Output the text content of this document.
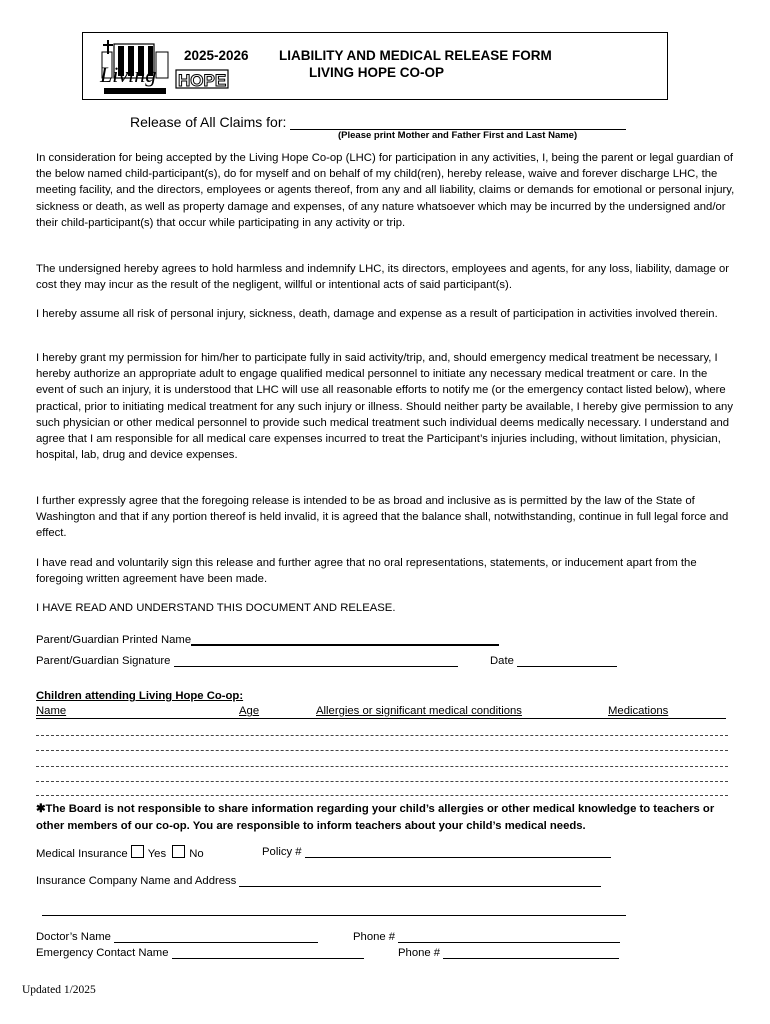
Living HOPE
2025-2026 LIABILITY AND MEDICAL RELEASE FORM
LIVING HOPE CO-OP
Release of All Claims for:
(Please print Mother and Father First and Last Name)

In consideration for being accepted by the Living Hope Co-op (LHC) for participation in any activities, I, being the parent or legal guardian of the below named child-participant(s), do for myself and on behalf of my child(ren), hereby release, waive and forever discharge LHC, the meeting facility, and the directors, employees or agents thereof, from any and all liability, claims or demands for emotional or personal injury, sickness or death, as well as property damage and expenses, of any nature whatsoever which may be incurred by the undersigned and/or their child-participant(s) that occur while participating in any activity or trip.

The undersigned hereby agrees to hold harmless and indemnify LHC, its directors, employees and agents, for any loss, liability, damage or cost they may incur as the result of the negligent, willful or intentional acts of said participant(s).

I hereby assume all risk of personal injury, sickness, death, damage and expense as a result of participation in activities involved therein.

I hereby grant my permission for him/her to participate fully in said activity/trip, and, should emergency medical treatment be necessary, I hereby authorize an appropriate adult to engage qualified medical personnel to initiate any necessary medical treatment or care. In the event of such an injury, it is understood that LHC will use all reasonable efforts to notify me (or the emergency contact listed below), where practical, prior to initiating medical treatment for any such injury or illness. Should neither party be available, I hereby give permission to any such physician or other medical personnel to provide such medical treatment such individual deems medically necessary. I understand and agree that I am responsible for all medical care expenses incurred to treat the Participant’s injuries including, without limitation, physician, hospital, lab, drug and device expenses.

I further expressly agree that the foregoing release is intended to be as broad and inclusive as is permitted by the law of the State of Washington and that if any portion thereof is held invalid, it is agreed that the balance shall, notwithstanding, continue in full legal force and effect.

I have read and voluntarily sign this release and further agree that no oral representations, statements, or inducement apart from the foregoing written agreement have been made.

I HAVE READ AND UNDERSTAND THIS DOCUMENT AND RELEASE.

Parent/Guardian Printed Name
Parent/Guardian Signature	Date
Children attending Living Hope Co-op:
Name	Age	Allergies or significant medical conditions	Medications

✱The Board is not responsible to share information regarding your child’s allergies or other medical knowledge to teachers or other members of our co-op. You are responsible to inform teachers about your child’s medical needs.

Medical Insurance Yes No	Policy #
Insurance Company Name and Address
Doctor’s Name	Phone #
Emergency Contact Name	Phone #
Updated 1/2025
